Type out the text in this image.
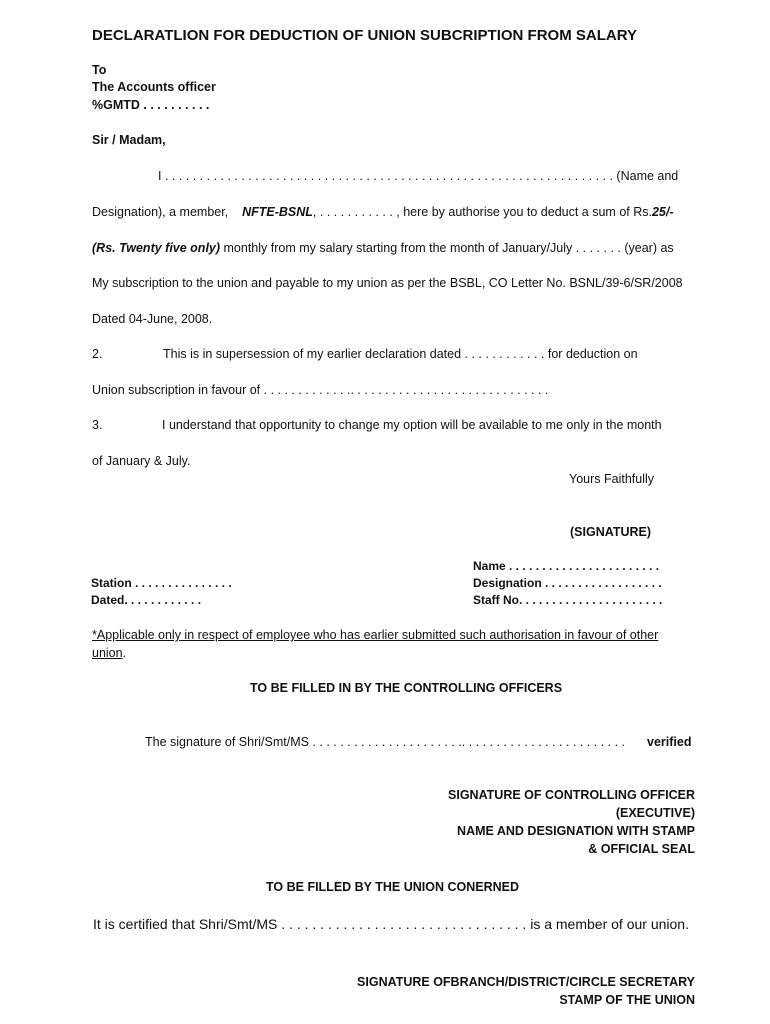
DECLARATLION FOR DEDUCTION OF UNION SUBCRIPTION FROM SALARY
To
The Accounts officer
%GMTD . . . . . . . . . .
Sir / Madam,
I . . . . . . . . . . . . . . . . . . . . . . . . . . . . . . . . . . . . . . . . . . . . . . . . . . . . . . . . . . . . . . . . . (Name and
Designation), a member, NFTE-BSNL, . . . . . . . . . . . , here by authorise you to deduct a sum of Rs.25/-
(Rs. Twenty five only) monthly from my salary starting from the month of January/July . . . . . . . (year) as
My subscription to the union and payable to my union as per the BSBL, CO Letter No. BSNL/39-6/SR/2008
Dated 04-June, 2008.
2.	This is in supersession of my earlier declaration dated . . . . . . . . . . . . for deduction on
Union subscription in favour of . . . . . . . . . . . . .. . . . . . . . . . . . . . . . . . . . . . . . . . . . .
3.	I understand that opportunity to change my option will be available to me only in the month
of January & July.
Yours Faithfully
(SIGNATURE)
Name . . . . . . . . . . . . . . . . . . . . . . .
Station . . . . . . . . . . . . . . .	Designation . . . . . . . . . . . . . . . . . .
Dated. . . . . . . . . . . .	Staff No. . . . . . . . . . . . . . . . . . . . . .
*Applicable only in respect of employee who has earlier submitted such authorisation in favour of other
union.
TO BE FILLED IN BY THE CONTROLLING OFFICERS
The signature of Shri/Smt/MS . . . . . . . . . . . . . . . . . . . . . .. . . . . . . . . . . . . . . . . . . . . . . . verified
SIGNATURE OF CONTROLLING OFFICER
(EXECUTIVE)
NAME AND DESIGNATION WITH STAMP
& OFFICIAL SEAL
TO BE FILLED BY THE UNION CONERNED
It is certified that Shri/Smt/MS . . . . . . . . . . . . . . . . . . . . . . . . . . . . . . . . is a member of our union.
SIGNATURE OFBRANCH/DISTRICT/CIRCLE SECRETARY
STAMP OF THE UNION
